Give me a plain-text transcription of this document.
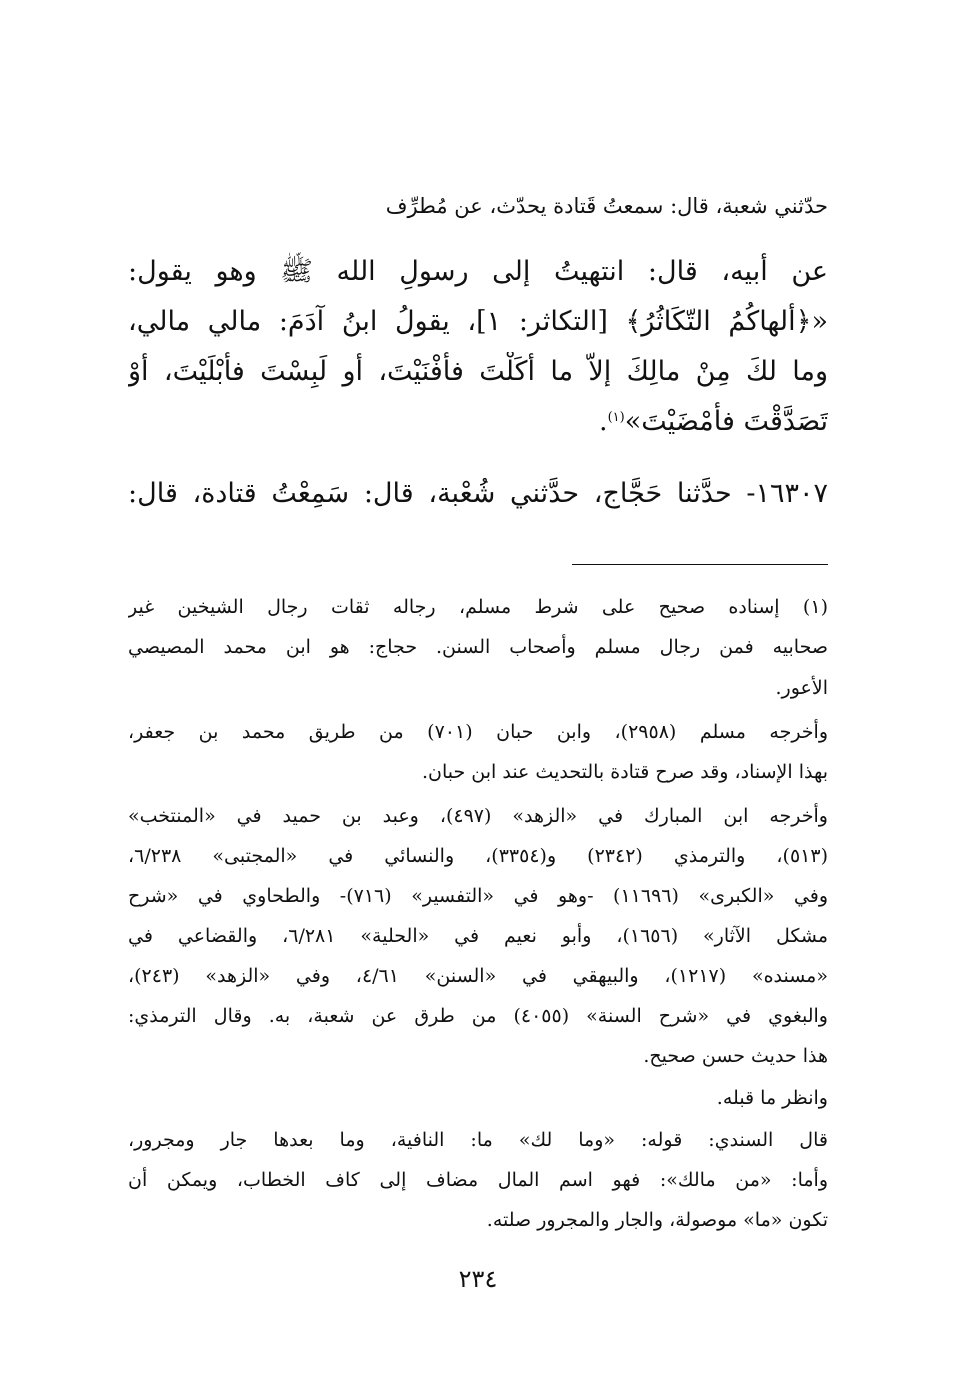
حدّثني شعبة، قال: سمعتُ قَتادة يحدّث، عن مُطرِّف
عن أبيه، قال: انتهيتُ إلى رسولِ الله ﷺ وهو يقول:
«﴿ألهاكُمُ التّكَاثُرُ﴾ [التكاثر: ١]، يقولُ ابنُ آدَمَ: مالي مالي،
وما لكَ مِنْ مالِكَ إلاَّ ما أَكَلْتَ فأَفْنَيْتَ، أو لَبِسْتَ فأبْلَيْتَ، أَوْ
تَصَدَّقْتَ فأَمْضَيْتَ»$^{(١)}$.
١٦٣٠٧- حدَّثنا حَجَّاج، حدَّثني شُعْبة، قال: سَمِعْتُ قتادة، قال:
(١) إسناده صحيح على شرط مسلم، رجاله ثقات رجال الشيخين غير
صحابيه فمن رجال مسلم وأصحاب السنن. حجاج: هو ابن محمد المصيصي
الأعور.
وأخرجه مسلم (٢٩٥٨)، وابن حبان (٧٠١) من طريق محمد بن جعفر،
بهذا الإسناد، وقد صرح قتادة بالتحديث عند ابن حبان.
وأخرجه ابن المبارك في «الزهد» (٤٩٧)، وعبد بن حميد في «المنتخب»
(٥١٣)، والترمذي (٢٣٤٢) و(٣٣٥٤)، والنسائي في «المجتبى» ٦/٢٣٨،
وفي «الكبرى» (١١٦٩٦) -وهو في «التفسير» (٧١٦)- والطحاوي في «شرح
مشكل الآثار» (١٦٥٦)، وأبو نعيم في «الحلية» ٦/٢٨١، والقضاعي في
«مسنده» (١٢١٧)، والبيهقي في «السنن» ٤/٦١، وفي «الزهد» (٢٤٣)،
والبغوي في «شرح السنة» (٤٠٥٥) من طرق عن شعبة، به. وقال الترمذي:
هذا حديث حسن صحيح.
وانظر ما قبله.
قال السندي: قوله: «وما لك» ما: النافية، وما بعدها جار ومجرور،
وأما: «من مالك»: فهو اسم المال مضاف إلى كاف الخطاب، ويمكن أن
تكون «ما» موصولة، والجار والمجرور صلته.
٢٣٤
